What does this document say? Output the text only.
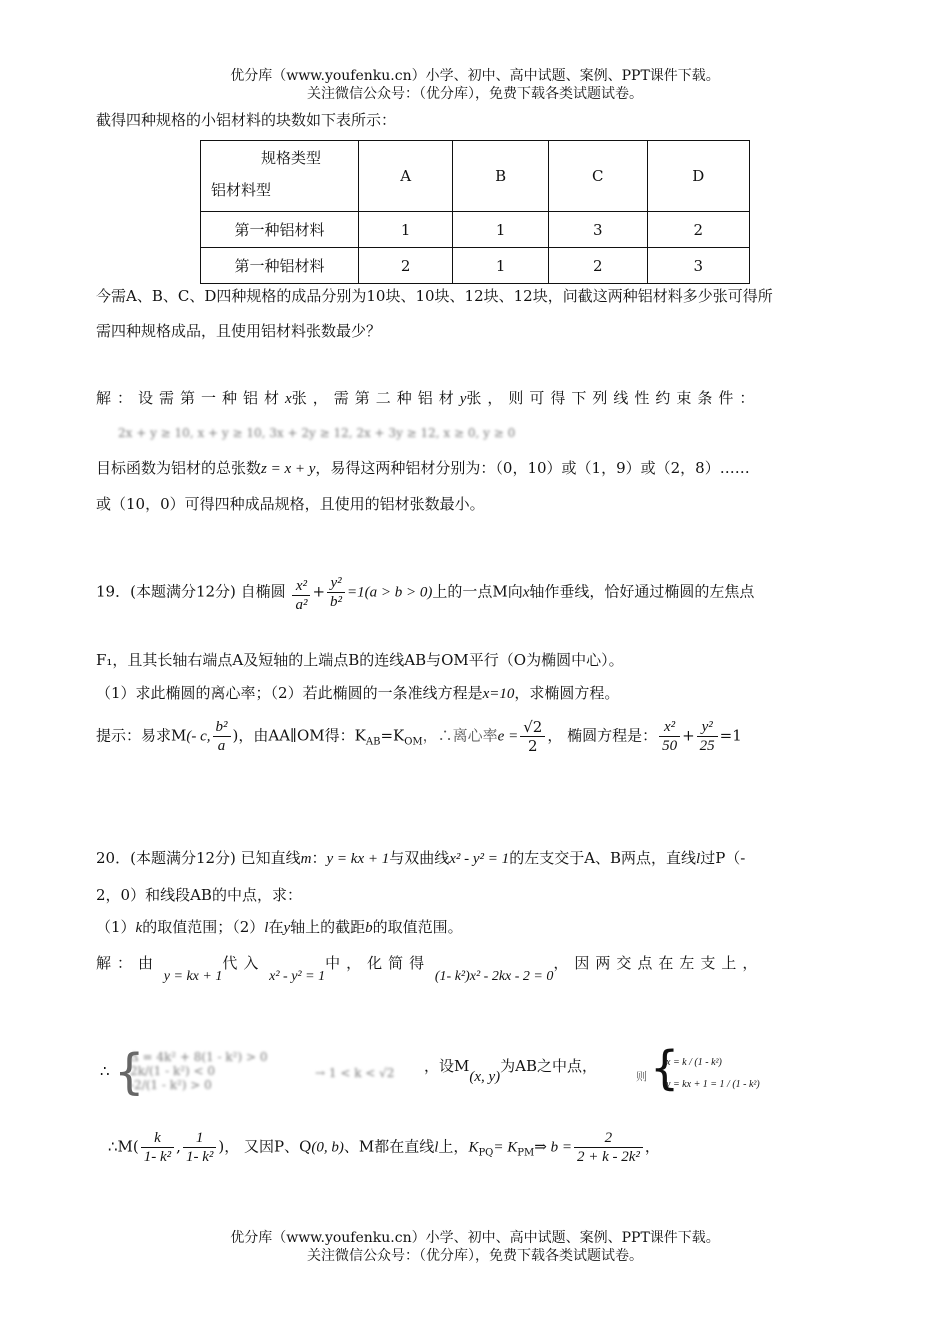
优分库（www.youfenku.cn）小学、初中、高中试题、案例、PPT课件下载。
关注微信公众号：（优分库），免费下载各类试题试卷。
截得四种规格的小铝材料的块数如下表所示：
规格类型
铝材料型	A	B	C	D
第一种铝材料	1	1	3	2
第一种铝材料	2	1	2	3
今需A、B、C、D四种规格的成品分别为10块、10块、12块、12块，问截这两种铝材料多少张可得所
需四种规格成品，且使用铝材料张数最少？
解：设需第一种铝材x张，需第二种铝材y张，则可得下列线性约束条件：
2x + y ≥ 10, x + y ≥ 10, 3x + 2y ≥ 12, 2x + 3y ≥ 12, x ≥ 0, y ≥ 0
目标函数为铝材的总张数z = x + y，易得这两种铝材分别为：（0，10）或（1，9）或（2，8）……
或（10，0）可得四种成品规格，且使用的铝材张数最小。
19．(本题满分12分) 自椭圆 $\frac{\text{x²}}{\text{a²}} + \frac{\text{y²}}{\text{b²}} =1(a > b > 0)$上的一点M向x轴作垂线，恰好通过椭圆的左焦点
F₁，且其长轴右端点A及短轴的上端点B的连线AB与OM平行（O为椭圆中心）。
（1）求此椭圆的离心率；（2）若此椭圆的一条准线方程是x=10，求椭圆方程。
提示：易求M(- c, $\frac{\text{b²}}{a}$ )，由AA∥OM得：$K_{AB}=K_{OM}$，∴离心率$e = \frac{√2}{2}$ ， 椭圆方程是： $\frac{\text{x²}}{50} + \frac{\text{y²}}{25} =1$
20．(本题满分12分) 已知直线m：y = kx + 1与双曲线x² - y² = 1的左支交于A、B两点，直线l过P（-
2，0）和线段AB的中点，求：
（1）k的取值范围；（2）l在y轴上的截距b的取值范围。
解：由 y = kx + 1代入 x² - y² = 1中，化简得 (1- k²)x² - 2kx - 2 = 0，因两交点在左支上，
∴ {
Δ = 4k² + 8(1 - k²) > 0
2k/(1 - k²) < 0
-2/(1 - k²) > 0
→ 1 < k < √2 ，设M(x, y)为AB之中点，
则 {
x = k / (1 - k²)
y = kx + 1 = 1 / (1 - k²)
∴M( $\frac{k}{\text{1- k²}}$ , $\frac{1}{\text{1- k²}}$ )， 又因P、Q(0, b)、M都在直线l上，$K_{PQ}=$ $K_{PM}\Rightarrow$ $b = \frac{2}{\text{2 + k - 2k²}}$ ，
优分库（www.youfenku.cn）小学、初中、高中试题、案例、PPT课件下载。
关注微信公众号：（优分库），免费下载各类试题试卷。
